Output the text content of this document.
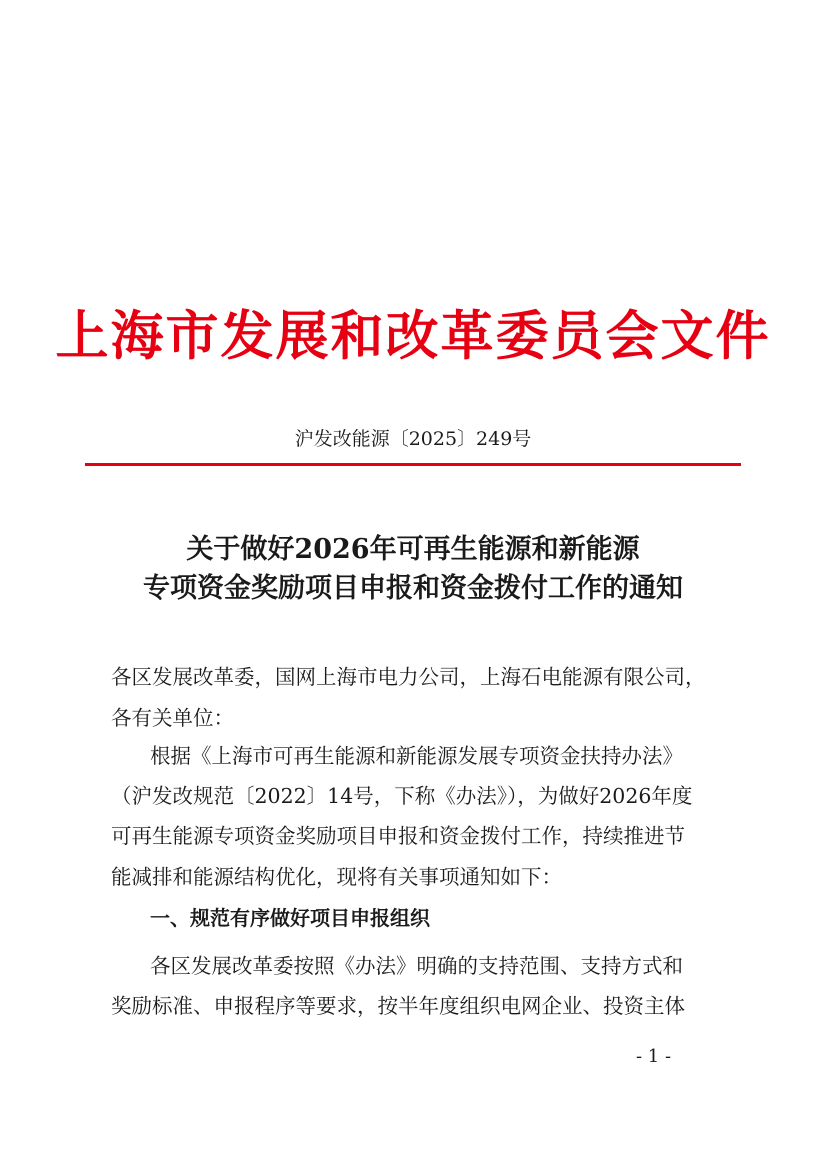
上海市发展和改革委员会文件
沪发改能源〔2025〕249号
关于做好2026年可再生能源和新能源
专项资金奖励项目申报和资金拨付工作的通知
各区发展改革委，国网上海市电力公司，上海石电能源有限公司，
各有关单位：
根据《上海市可再生能源和新能源发展专项资金扶持办法》
（沪发改规范〔2022〕14号，下称《办法》），为做好2026年度
可再生能源专项资金奖励项目申报和资金拨付工作，持续推进节
能减排和能源结构优化，现将有关事项通知如下：
一、规范有序做好项目申报组织
各区发展改革委按照《办法》明确的支持范围、支持方式和
奖励标准、申报程序等要求，按半年度组织电网企业、投资主体
- 1 -
